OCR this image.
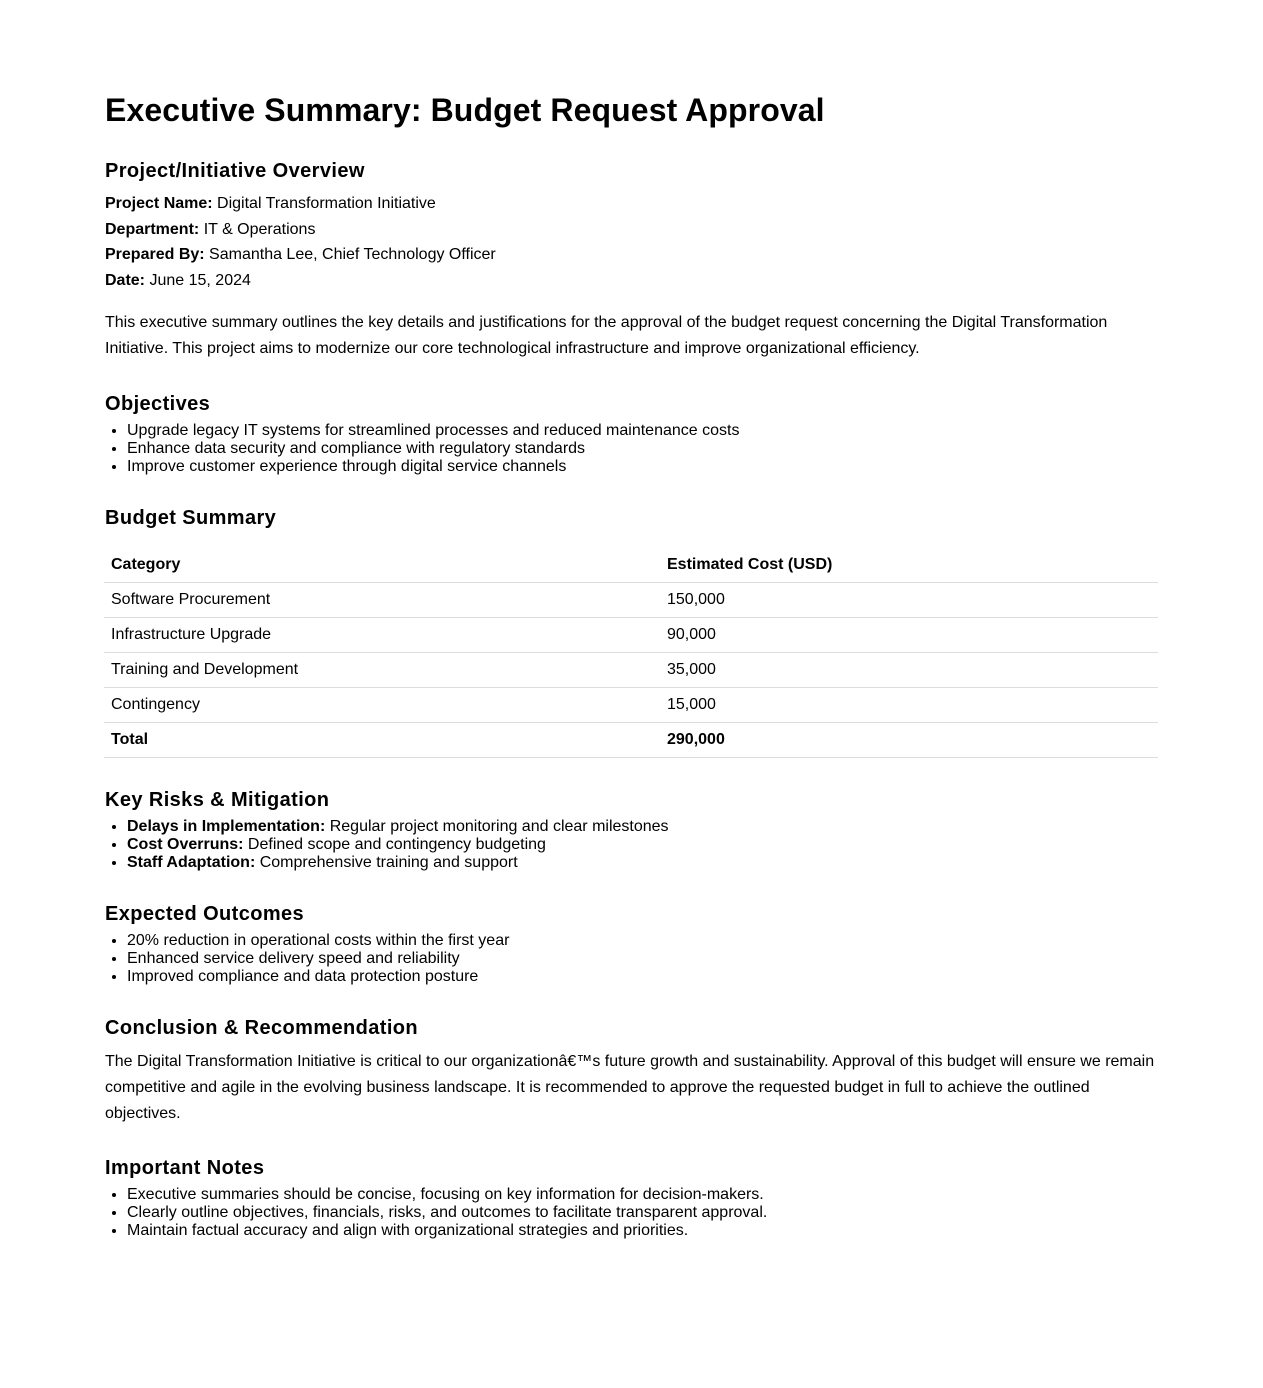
Executive Summary: Budget Request Approval
Project/Initiative Overview
Project Name: Digital Transformation Initiative
Department: IT & Operations
Prepared By: Samantha Lee, Chief Technology Officer
Date: June 15, 2024

This executive summary outlines the key details and justifications for the approval of the budget request concerning the Digital Transformation Initiative. This project aims to modernize our core technological infrastructure and improve organizational efficiency.

Objectives
• Upgrade legacy IT systems for streamlined processes and reduced maintenance costs
• Enhance data security and compliance with regulatory standards
• Improve customer experience through digital service channels
Budget Summary
Category	Estimated Cost (USD)
Software Procurement	150,000
Infrastructure Upgrade	90,000
Training and Development	35,000
Contingency	15,000
Total	290,000
Key Risks & Mitigation
• Delays in Implementation: Regular project monitoring and clear milestones
• Cost Overruns: Defined scope and contingency budgeting
• Staff Adaptation: Comprehensive training and support
Expected Outcomes
• 20% reduction in operational costs within the first year
• Enhanced service delivery speed and reliability
• Improved compliance and data protection posture
Conclusion & Recommendation

The Digital Transformation Initiative is critical to our organizationâ€™s future growth and sustainability. Approval of this budget will ensure we remain competitive and agile in the evolving business landscape. It is recommended to approve the requested budget in full to achieve the outlined objectives.

Important Notes
• Executive summaries should be concise, focusing on key information for decision-makers.
• Clearly outline objectives, financials, risks, and outcomes to facilitate transparent approval.
• Maintain factual accuracy and align with organizational strategies and priorities.
